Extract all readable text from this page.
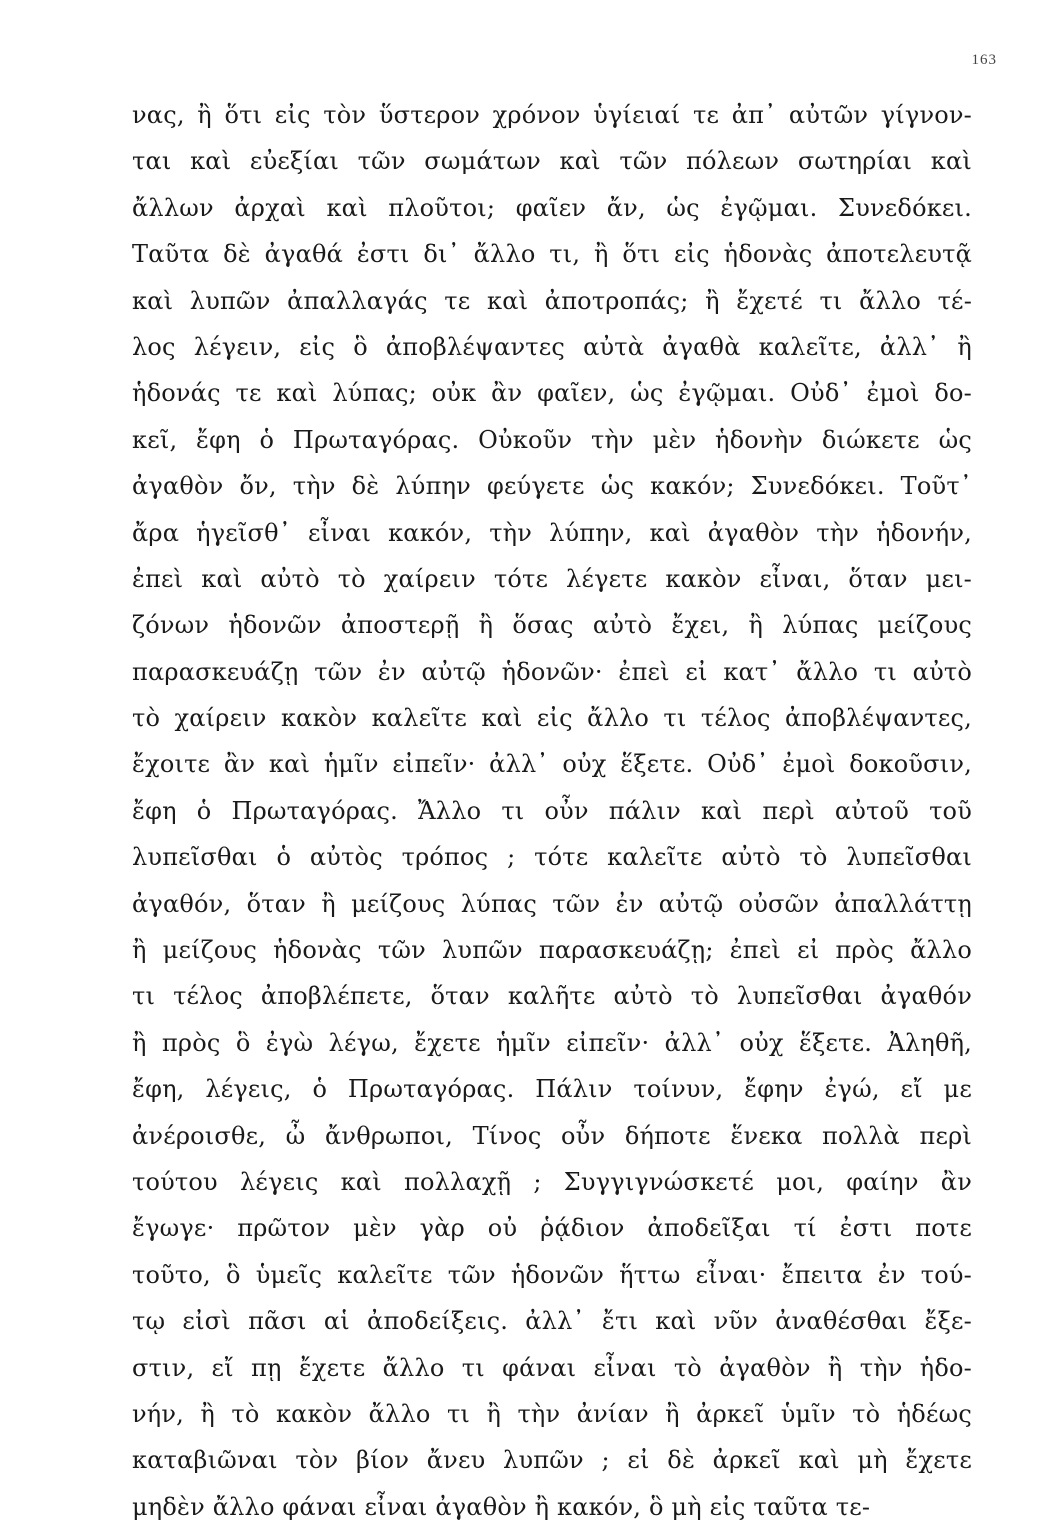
163
νας, ἢ ὅτι εἰς τὸν ὕστερον χρόνον ὑγίειαί τε ἀπ᾽ αὐτῶν γίγνον-
ται καὶ εὐεξίαι τῶν σωμάτων καὶ τῶν πόλεων σωτηρίαι καὶ
ἄλλων ἀρχαὶ καὶ πλοῦτοι; φαῖεν ἄν, ὡς ἐγῷμαι. Συνεδόκει.
Ταῦτα δὲ ἀγαθά ἐστι δι᾽ ἄλλο τι, ἢ ὅτι εἰς ἡδονὰς ἀποτελευτᾷ
καὶ λυπῶν ἀπαλλαγάς τε καὶ ἀποτροπάς; ἢ ἔχετέ τι ἄλλο τέ-
λος λέγειν, εἰς ὃ ἀποβλέψαντες αὐτὰ ἀγαθὰ καλεῖτε, ἀλλ᾽ ἢ
ἡδονάς τε καὶ λύπας; οὐκ ἂν φαῖεν, ὡς ἐγῷμαι. Οὐδ᾽ ἐμοὶ δο-
κεῖ, ἔφη ὁ Πρωταγόρας. Οὐκοῦν τὴν μὲν ἡδονὴν διώκετε ὡς
ἀγαθὸν ὄν, τὴν δὲ λύπην φεύγετε ὡς κακόν; Συνεδόκει. Τοῦτ᾽
ἄρα ἡγεῖσθ᾽ εἶναι κακόν, τὴν λύπην, καὶ ἀγαθὸν τὴν ἡδονήν,
ἐπεὶ καὶ αὐτὸ τὸ χαίρειν τότε λέγετε κακὸν εἶναι, ὅταν μει-
ζόνων ἡδονῶν ἀποστερῇ ἢ ὅσας αὐτὸ ἔχει, ἢ λύπας μείζους
παρασκευάζῃ τῶν ἐν αὐτῷ ἡδονῶν· ἐπεὶ εἰ κατ᾽ ἄλλο τι αὐτὸ
τὸ χαίρειν κακὸν καλεῖτε καὶ εἰς ἄλλο τι τέλος ἀποβλέψαντες,
ἔχοιτε ἂν καὶ ἡμῖν εἰπεῖν· ἀλλ᾽ οὐχ ἕξετε. Οὐδ᾽ ἐμοὶ δοκοῦσιν,
ἔφη ὁ Πρωταγόρας. Ἄλλο τι οὖν πάλιν καὶ περὶ αὐτοῦ τοῦ
λυπεῖσθαι ὁ αὐτὸς τρόπος ; τότε καλεῖτε αὐτὸ τὸ λυπεῖσθαι
ἀγαθόν, ὅταν ἢ μείζους λύπας τῶν ἐν αὐτῷ οὐσῶν ἀπαλλάττῃ
ἢ μείζους ἡδονὰς τῶν λυπῶν παρασκευάζῃ; ἐπεὶ εἰ πρὸς ἄλλο
τι τέλος ἀποβλέπετε, ὅταν καλῆτε αὐτὸ τὸ λυπεῖσθαι ἀγαθόν
ἢ πρὸς ὃ ἐγὼ λέγω, ἔχετε ἡμῖν εἰπεῖν· ἀλλ᾽ οὐχ ἕξετε. Ἀληθῆ,
ἔφη, λέγεις, ὁ Πρωταγόρας. Πάλιν τοίνυν, ἔφην ἐγώ, εἴ με
ἀνέροισθε, ὦ ἄνθρωποι, Τίνος οὖν δήποτε ἕνεκα πολλὰ περὶ
τούτου λέγεις καὶ πολλαχῇ ; Συγγιγνώσκετέ μοι, φαίην ἂν
ἔγωγε· πρῶτον μὲν γὰρ οὐ ῥᾴδιον ἀποδεῖξαι τί ἐστι ποτε
τοῦτο, ὃ ὑμεῖς καλεῖτε τῶν ἡδονῶν ἥττω εἶναι· ἔπειτα ἐν τού-
τῳ εἰσὶ πᾶσι αἱ ἀποδείξεις. ἀλλ᾽ ἔτι καὶ νῦν ἀναθέσθαι ἔξε-
στιν, εἴ πῃ ἔχετε ἄλλο τι φάναι εἶναι τὸ ἀγαθὸν ἢ τὴν ἡδο-
νήν, ἢ τὸ κακὸν ἄλλο τι ἢ τὴν ἀνίαν ἢ ἀρκεῖ ὑμῖν τὸ ἡδέως
καταβιῶναι τὸν βίον ἄνευ λυπῶν ; εἰ δὲ ἀρκεῖ καὶ μὴ ἔχετε
μηδὲν ἄλλο φάναι εἶναι ἀγαθὸν ἢ κακόν, ὃ μὴ εἰς ταῦτα τε-
